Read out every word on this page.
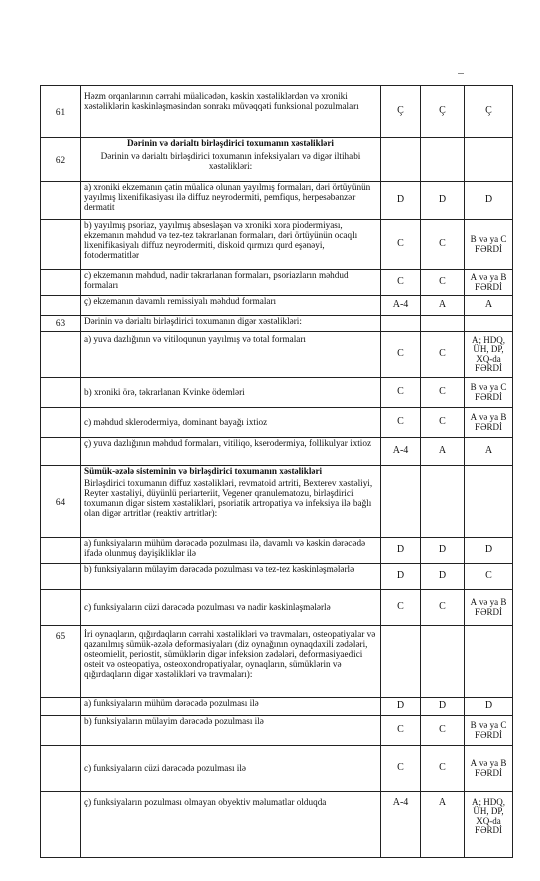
61	Həzm orqanlarının cərrahi müalicədən, kəskin xəstəliklərdən və xroniki xəstəliklərin kəskinləşməsindən sonrakı müvəqqəti funksional pozulmaları	Ç	Ç	Ç
62	Dərinin və dərialtı birləşdirici toxumanın xəstəlikləri
Dərinin və dərialtı birləşdirici toxumanın infeksiyaları və digər iltihabi xəstəlikləri:			

	a) xroniki ekzemanın çətin müalicə olunan yayılmış formaları, dəri örtüyünün yayılmış lixenifikasiyası ilə diffuz neyrodermiti, pemfiqus, herpesəbənzər dermatit	D	D	D
	b) yayılmış psoriaz, yayılmış absesləşən və xroniki xora piodermiyası, ekzemanın məhdud və tez-tez təkrarlanan formaları, dəri örtüyünün ocaqlı lixenifikasiyalı diffuz neyrodermiti, diskoid qırmızı qurd eşənəyi, fotodermatitlər	C	C	B və ya C FƏRDİ
	c) ekzemanın məhdud, nadir təkrarlanan formaları, psoriazların məhdud formaları	C	C	A və ya B FƏRDİ
	ç) ekzemanın davamlı remissiyalı məhdud formaları	A-4	A	A
63	Dərinin və dərialtı birləşdirici toxumanın digər xəstəlikləri:			
	a) yuva dazlığının və vitiloqunun yayılmış və total formaları	C	C	A; HDQ, ÜH, DP, XQ-da FƏRDİ
	b) xroniki örə, təkrarlanan Kvinke ödemləri	C	C	B və ya C FƏRDİ
	c) məhdud sklerodermiya, dominant bayağı ixtioz	C	C	A və ya B FƏRDİ
	ç) yuva dazlığının məhdud formaları, vitiliqo, kserodermiya, follikulyar ixtioz	A-4	A	A
64	Sümük-əzələ sisteminin və birləşdirici toxumanın xəstəlikləri
Birləşdirici toxumanın diffuz xəstəlikləri, revmatoid artriti, Bexterev xəstəliyi, Reyter xəstəliyi, düyünlü periarteriit, Vegener qranulematozu, birləşdirici toxumanın digər sistem xəstəlikləri, psoriatik artropatiya və infeksiya ilə bağlı olan digər artritlər (reaktiv artritlər):			

	a) funksiyaların mühüm dərəcədə pozulması ilə, davamlı və kəskin dərəcədə ifadə olunmuş dəyişikliklər ilə	D	D	D
	b) funksiyaların mülayim dərəcədə pozulması və tez-tez kəskinləşmələrlə	D	D	C
	c) funksiyaların cüzi dərəcədə pozulması və nadir kəskinləşmələrlə	C	C	A və ya B FƏRDİ
65	İri oynaqların, qığırdaqların cərrahi xəstəlikləri və travmaları, osteopatiyalar və qazanılmış sümük-əzələ deformasiyaları (diz oynağının oynaqdaxili zədələri, osteomielit, periostit, sümüklərin digər infeksion zədələri, deformasiyaedici osteit və osteopatiya, osteoxondropatiyalar, oynaqların, sümüklərin və qığırdaqların digər xəstəlikləri və travmaları):			
	a) funksiyaların mühüm dərəcədə pozulması ilə	D	D	D
	b) funksiyaların mülayim dərəcədə pozulması ilə	C	C	B və ya C FƏRDİ
	c) funksiyaların cüzi dərəcədə pozulması ilə	C	C	A və ya B FƏRDİ
	ç) funksiyaların pozulması olmayan obyektiv məlumatlar olduqda	A-4	A	A; HDQ, ÜH, DP, XQ-da FƏRDİ
